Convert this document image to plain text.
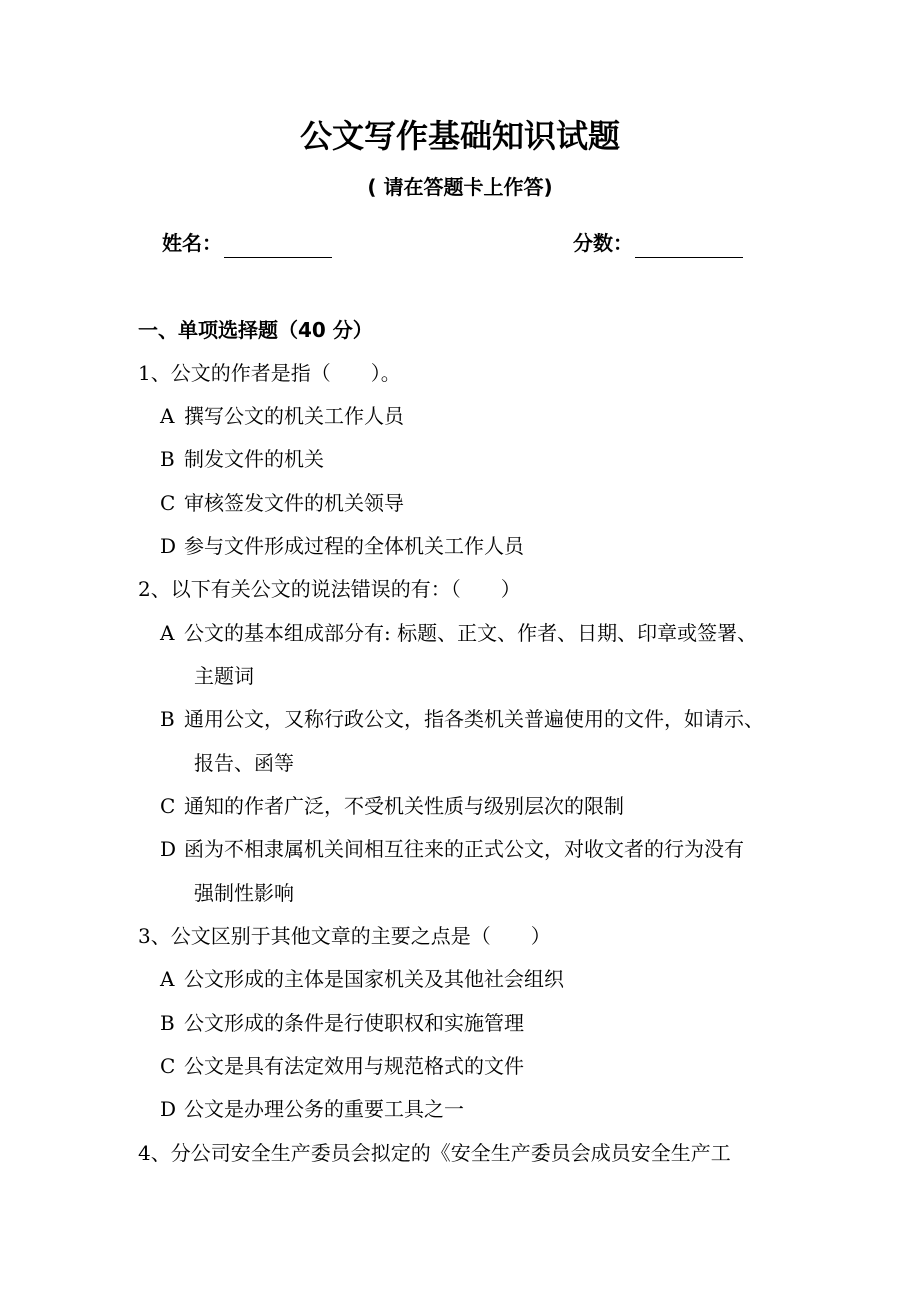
公文写作基础知识试题
( 请在答题卡上作答)
姓名：	分数：
一、单项选择题（40 分）
1、公文的作者是指（　　）。
A 撰写公文的机关工作人员
B 制发文件的机关
C 审核签发文件的机关领导
D 参与文件形成过程的全体机关工作人员
2、以下有关公文的说法错误的有：（　　）
A 公文的基本组成部分有: 标题、正文、作者、日期、印章或签署、
主题词
B 通用公文，又称行政公文，指各类机关普遍使用的文件，如请示、
报告、函等
C 通知的作者广泛，不受机关性质与级别层次的限制
D 函为不相隶属机关间相互往来的正式公文，对收文者的行为没有
强制性影响
3、公文区别于其他文章的主要之点是（　　）
A 公文形成的主体是国家机关及其他社会组织
B 公文形成的条件是行使职权和实施管理
C 公文是具有法定效用与规范格式的文件
D 公文是办理公务的重要工具之一
4、分公司安全生产委员会拟定的《安全生产委员会成员安全生产工
